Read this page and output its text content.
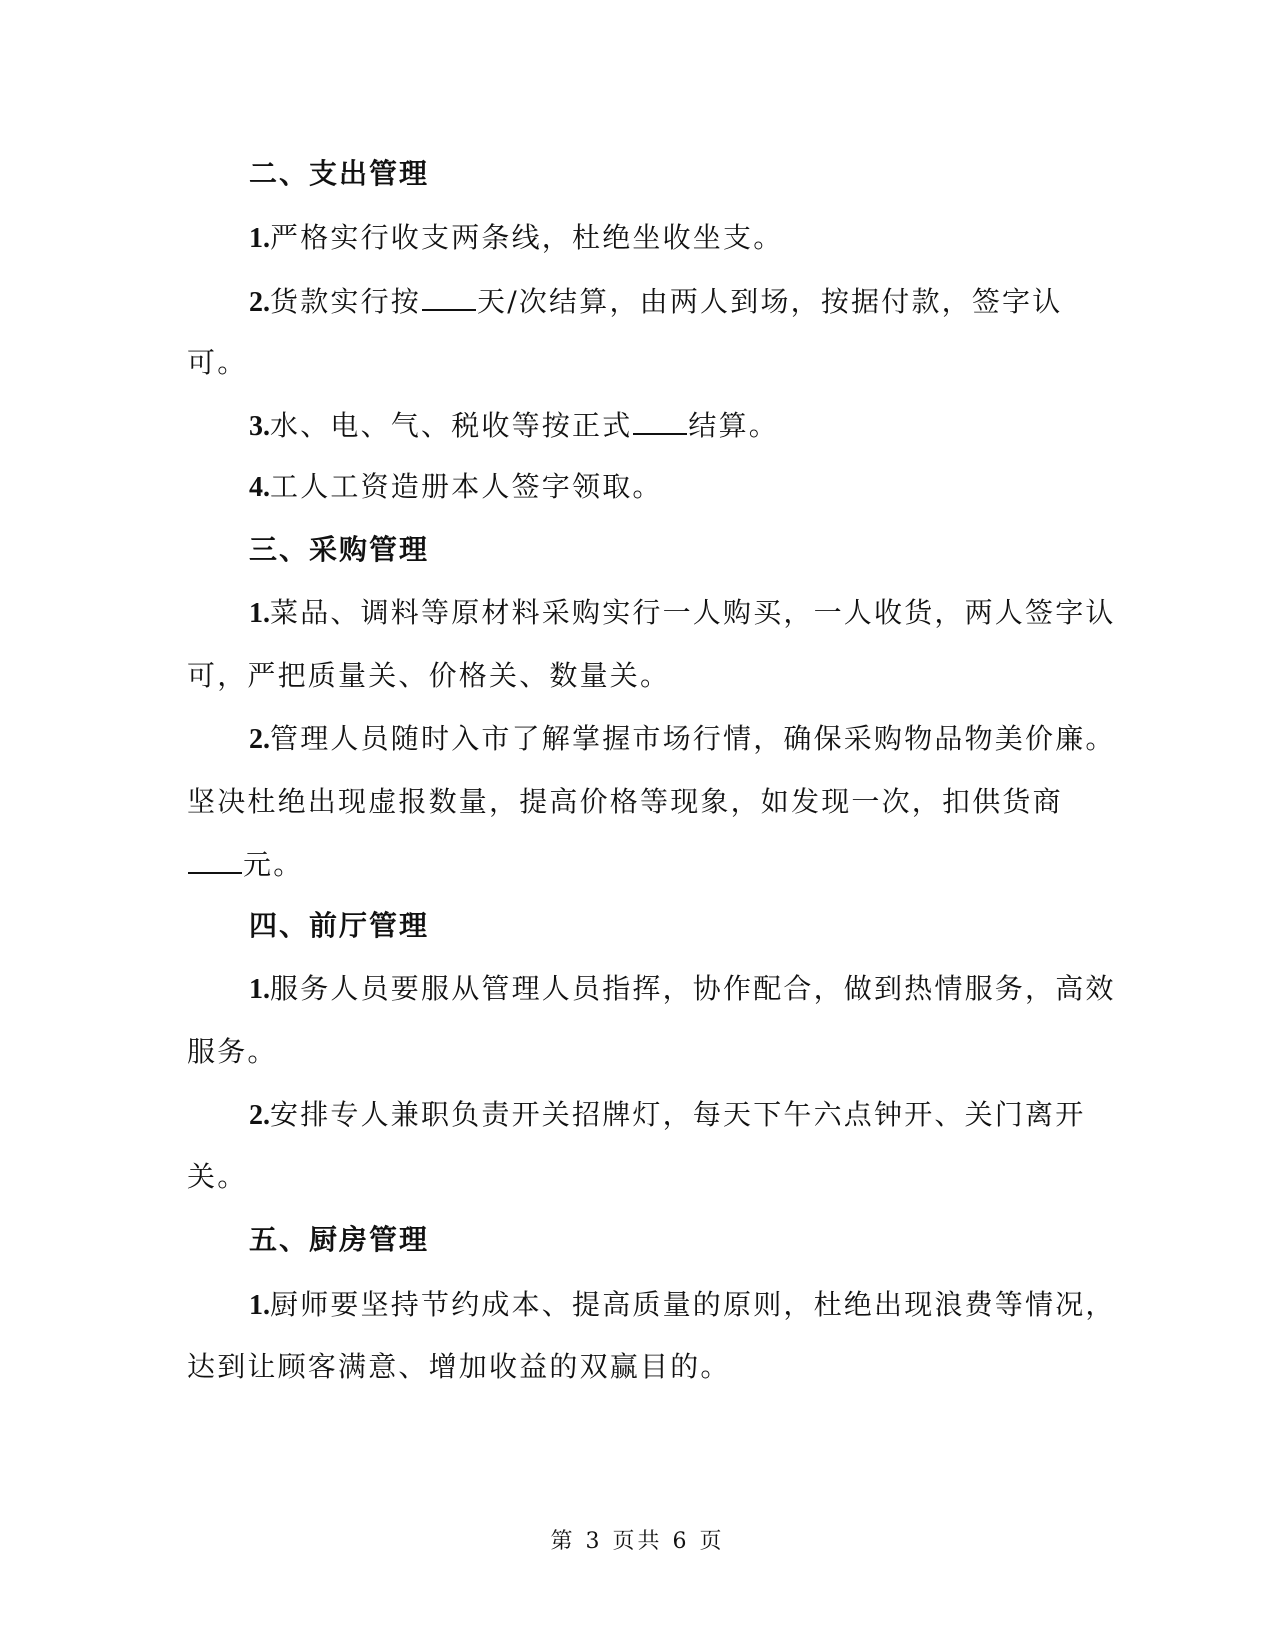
二、支出管理
1.严格实行收支两条线，杜绝坐收坐支。
2.货款实行按 天/次结算，由两人到场，按据付款，签字认
可。
3.水、电、气、税收等按正式 结算。
4.工人工资造册本人签字领取。
三、采购管理
1.菜品、调料等原材料采购实行一人购买，一人收货，两人签字认
可，严把质量关、价格关、数量关。
2.管理人员随时入市了解掌握市场行情，确保采购物品物美价廉。
坚决杜绝出现虚报数量，提高价格等现象，如发现一次，扣供货商
元。
四、前厅管理
1.服务人员要服从管理人员指挥，协作配合，做到热情服务，高效
服务。
2.安排专人兼职负责开关招牌灯，每天下午六点钟开、关门离开
关。
五、厨房管理
1.厨师要坚持节约成本、提高质量的原则，杜绝出现浪费等情况，
达到让顾客满意、增加收益的双赢目的。
第 3 页共 6 页
